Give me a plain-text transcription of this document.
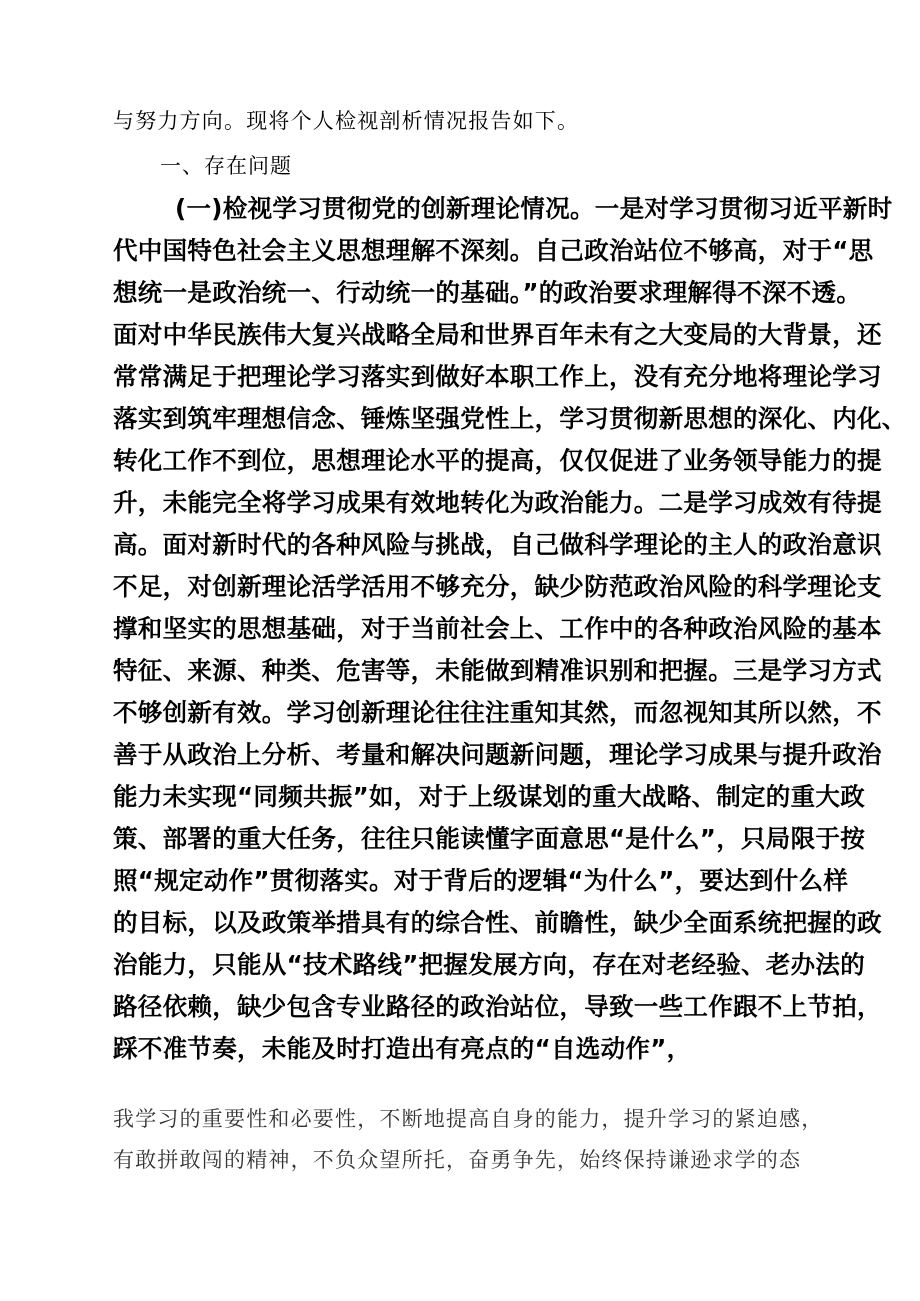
与努力方向。现将个人检视剖析情况报告如下。
一、存在问题
(一)检视学习贯彻党的创新理论情况。一是对学习贯彻习近平新时
代中国特色社会主义思想理解不深刻。自己政治站位不够高，对于“思
想统一是政治统一、行动统一的基础。”的政治要求理解得不深不透。
面对中华民族伟大复兴战略全局和世界百年未有之大变局的大背景，还
常常满足于把理论学习落实到做好本职工作上，没有充分地将理论学习
落实到筑牢理想信念、锤炼坚强党性上，学习贯彻新思想的深化、内化、
转化工作不到位，思想理论水平的提高，仅仅促进了业务领导能力的提
升，未能完全将学习成果有效地转化为政治能力。二是学习成效有待提
高。面对新时代的各种风险与挑战，自己做科学理论的主人的政治意识
不足，对创新理论活学活用不够充分，缺少防范政治风险的科学理论支
撑和坚实的思想基础，对于当前社会上、工作中的各种政治风险的基本
特征、来源、种类、危害等，未能做到精准识别和把握。三是学习方式
不够创新有效。学习创新理论往往注重知其然，而忽视知其所以然，不
善于从政治上分析、考量和解决问题新问题，理论学习成果与提升政治
能力未实现“同频共振”如，对于上级谋划的重大战略、制定的重大政
策、部署的重大任务，往往只能读懂字面意思“是什么”，只局限于按
照“规定动作”贯彻落实。对于背后的逻辑“为什么”，要达到什么样
的目标，以及政策举措具有的综合性、前瞻性，缺少全面系统把握的政
治能力，只能从“技术路线”把握发展方向，存在对老经验、老办法的
路径依赖，缺少包含专业路径的政治站位，导致一些工作跟不上节拍，
踩不准节奏，未能及时打造出有亮点的“自选动作”，
我学习的重要性和必要性，不断地提高自身的能力，提升学习的紧迫感，
有敢拼敢闯的精神，不负众望所托，奋勇争先，始终保持谦逊求学的态
